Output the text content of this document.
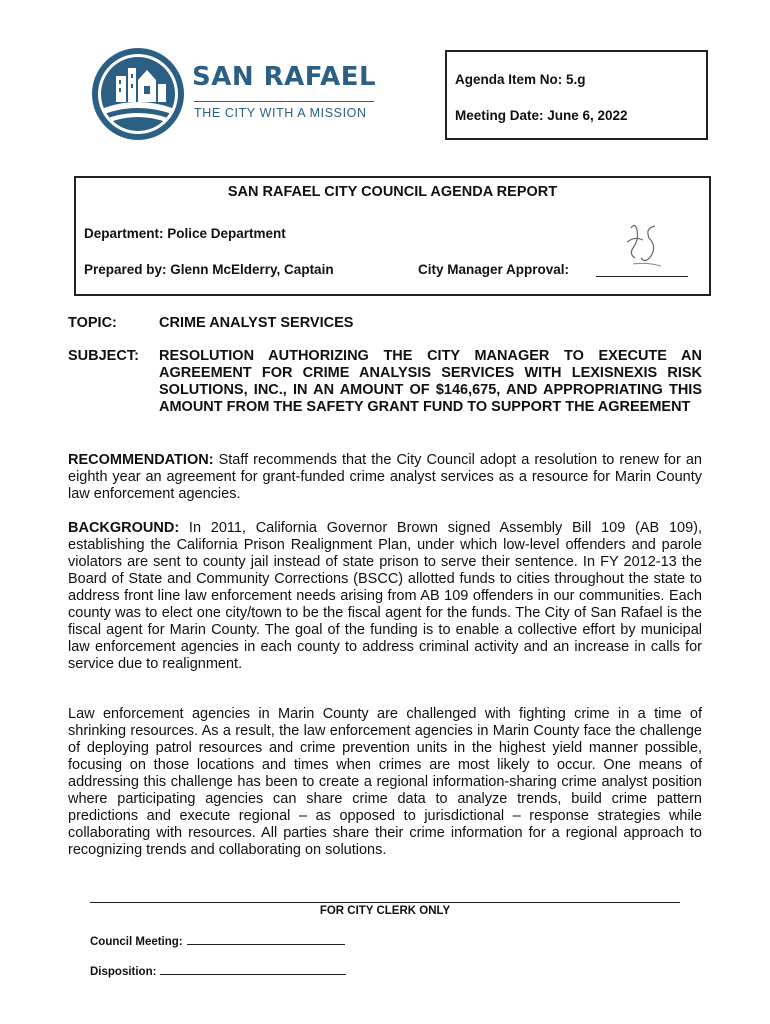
SAN RAFAEL
THE CITY WITH A MISSION
Agenda Item No: 5.g
Meeting Date: June 6, 2022
SAN RAFAEL CITY COUNCIL AGENDA REPORT
Department: Police Department
Prepared by: Glenn McElderry, Captain	City Manager Approval:
TOPIC:	CRIME ANALYST SERVICES
SUBJECT: RESOLUTION AUTHORIZING THE CITY MANAGER TO EXECUTE AN AGREEMENT FOR CRIME ANALYSIS SERVICES WITH LEXISNEXIS RISK SOLUTIONS, INC., IN AN AMOUNT OF $146,675, AND APPROPRIATING THIS AMOUNT FROM THE SAFETY GRANT FUND TO SUPPORT THE AGREEMENT
RECOMMENDATION: Staff recommends that the City Council adopt a resolution to renew for an eighth year an agreement for grant-funded crime analyst services as a resource for Marin County law enforcement agencies.
BACKGROUND: In 2011, California Governor Brown signed Assembly Bill 109 (AB 109), establishing the California Prison Realignment Plan, under which low-level offenders and parole violators are sent to county jail instead of state prison to serve their sentence. In FY 2012-13 the Board of State and Community Corrections (BSCC) allotted funds to cities throughout the state to address front line law enforcement needs arising from AB 109 offenders in our communities. Each county was to elect one city/town to be the fiscal agent for the funds. The City of San Rafael is the fiscal agent for Marin County. The goal of the funding is to enable a collective effort by municipal law enforcement agencies in each county to address criminal activity and an increase in calls for service due to realignment.
Law enforcement agencies in Marin County are challenged with fighting crime in a time of shrinking resources. As a result, the law enforcement agencies in Marin County face the challenge of deploying patrol resources and crime prevention units in the highest yield manner possible, focusing on those locations and times when crimes are most likely to occur. One means of addressing this challenge has been to create a regional information-sharing crime analyst position where participating agencies can share crime data to analyze trends, build crime pattern predictions and execute regional – as opposed to jurisdictional – response strategies while collaborating with resources. All parties share their crime information for a regional approach to recognizing trends and collaborating on solutions.
FOR CITY CLERK ONLY
Council Meeting:
Disposition:
